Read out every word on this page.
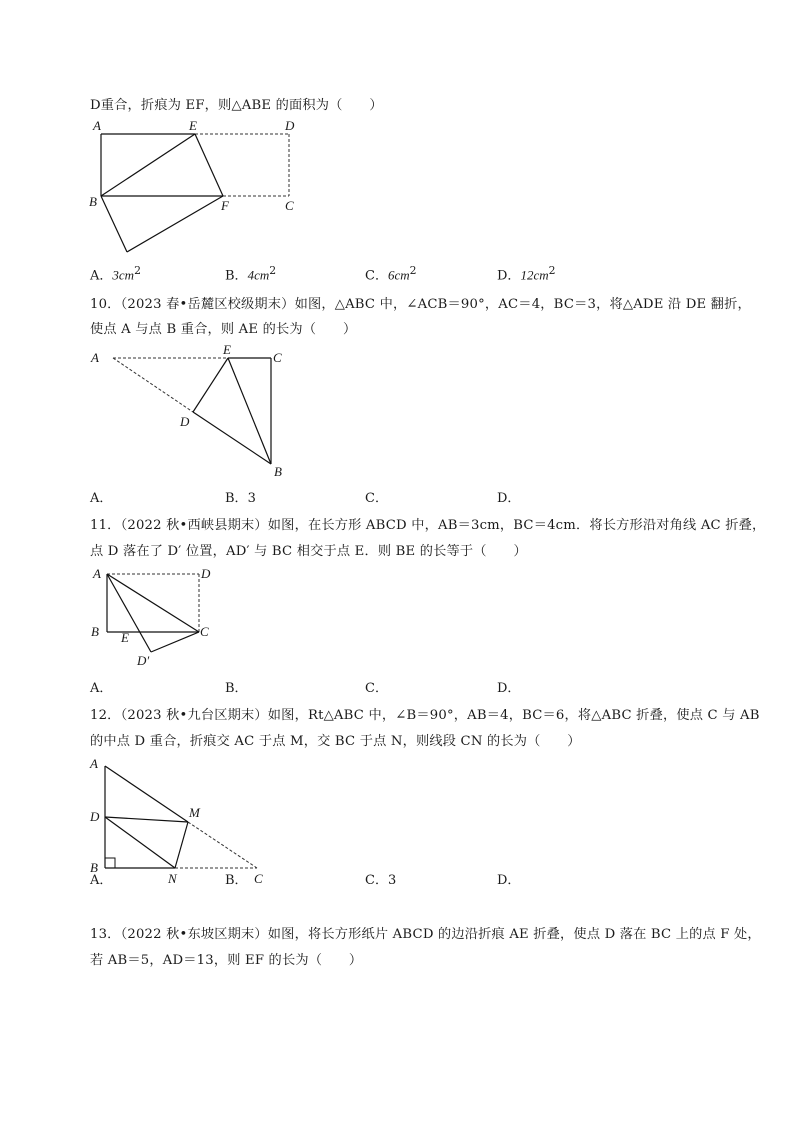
D重合，折痕为 EF，则△ABE 的面积为（　　）
A	E	D
B	F	C
A．$3cm^2$	B．$4cm^2$	C．$6cm^2$	D．$12cm^2$
10．（2023 春•岳麓区校级期末）如图，△ABC 中，∠ACB＝90°，AC＝4，BC＝3，将△ADE 沿 DE 翻折，
使点 A 与点 B 重合，则 AE 的长为（　　）
A
E
C
D
B
A．	B．3	C．	D．
11．（2022 秋•西峡县期末）如图，在长方形 ABCD 中，AB＝3cm，BC＝4cm．将长方形沿对角线 AC 折叠，
点 D 落在了 D′ 位置，AD′ 与 BC 相交于点 E．则 BE 的长等于（　　）
A	D
B E	C
D′
A．	B．	C．	D．
12．（2023 秋•九台区期末）如图，Rt△ABC 中，∠B＝90°，AB＝4，BC＝6，将△ABC 折叠，使点 C 与 AB
的中点 D 重合，折痕交 AC 于点 M，交 BC 于点 N，则线段 CN 的长为（　　）
A
D	M
B
N	C
A．	B．	C．3	D．
13．（2022 秋•东坡区期末）如图，将长方形纸片 ABCD 的边沿折痕 AE 折叠，使点 D 落在 BC 上的点 F 处，
若 AB＝5，AD＝13，则 EF 的长为（　　）
